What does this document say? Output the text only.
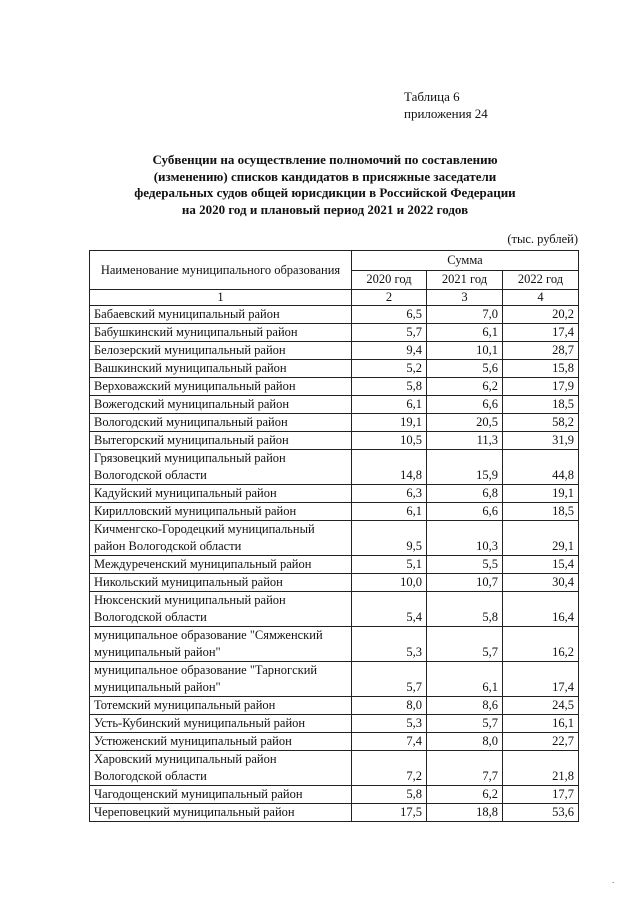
Таблица 6
приложения 24
Субвенции на осуществление полномочий по составлению
(изменению) списков кандидатов в присяжные заседатели
федеральных судов общей юрисдикции в Российской Федерации
на 2020 год и плановый период 2021 и 2022 годов
(тыс. рублей)
Наименование муниципального образования	Сумма		
	2020 год	2021 год	2022 год
1	2	3	4
Бабаевский муниципальный район	6,5	7,0	20,2
Бабушкинский муниципальный район	5,7	6,1	17,4
Белозерский муниципальный район	9,4	10,1	28,7
Вашкинский муниципальный район	5,2	5,6	15,8
Верховажский муниципальный район	5,8	6,2	17,9
Вожегодский муниципальный район	6,1	6,6	18,5
Вологодский муниципальный район	19,1	20,5	58,2
Вытегорский муниципальный район	10,5	11,3	31,9
Грязовецкий муниципальный район Вологодской области	14,8	15,9	44,8
Кадуйский муниципальный район	6,3	6,8	19,1
Кирилловский муниципальный район	6,1	6,6	18,5
Кичменгско-Городецкий муниципальный район Вологодской области	9,5	10,3	29,1
Междуреченский муниципальный район	5,1	5,5	15,4
Никольский муниципальный район	10,0	10,7	30,4
Нюксенский муниципальный район Вологодской области	5,4	5,8	16,4
муниципальное образование "Сямженский муниципальный район"	5,3	5,7	16,2
муниципальное образование "Тарногский муниципальный район"	5,7	6,1	17,4
Тотемский муниципальный район	8,0	8,6	24,5
Усть-Кубинский муниципальный район	5,3	5,7	16,1
Устюженский муниципальный район	7,4	8,0	22,7
Харовский муниципальный район Вологодской области	7,2	7,7	21,8
Чагодощенский муниципальный район	5,8	6,2	17,7
Череповецкий муниципальный район	17,5	18,8	53,6
.
